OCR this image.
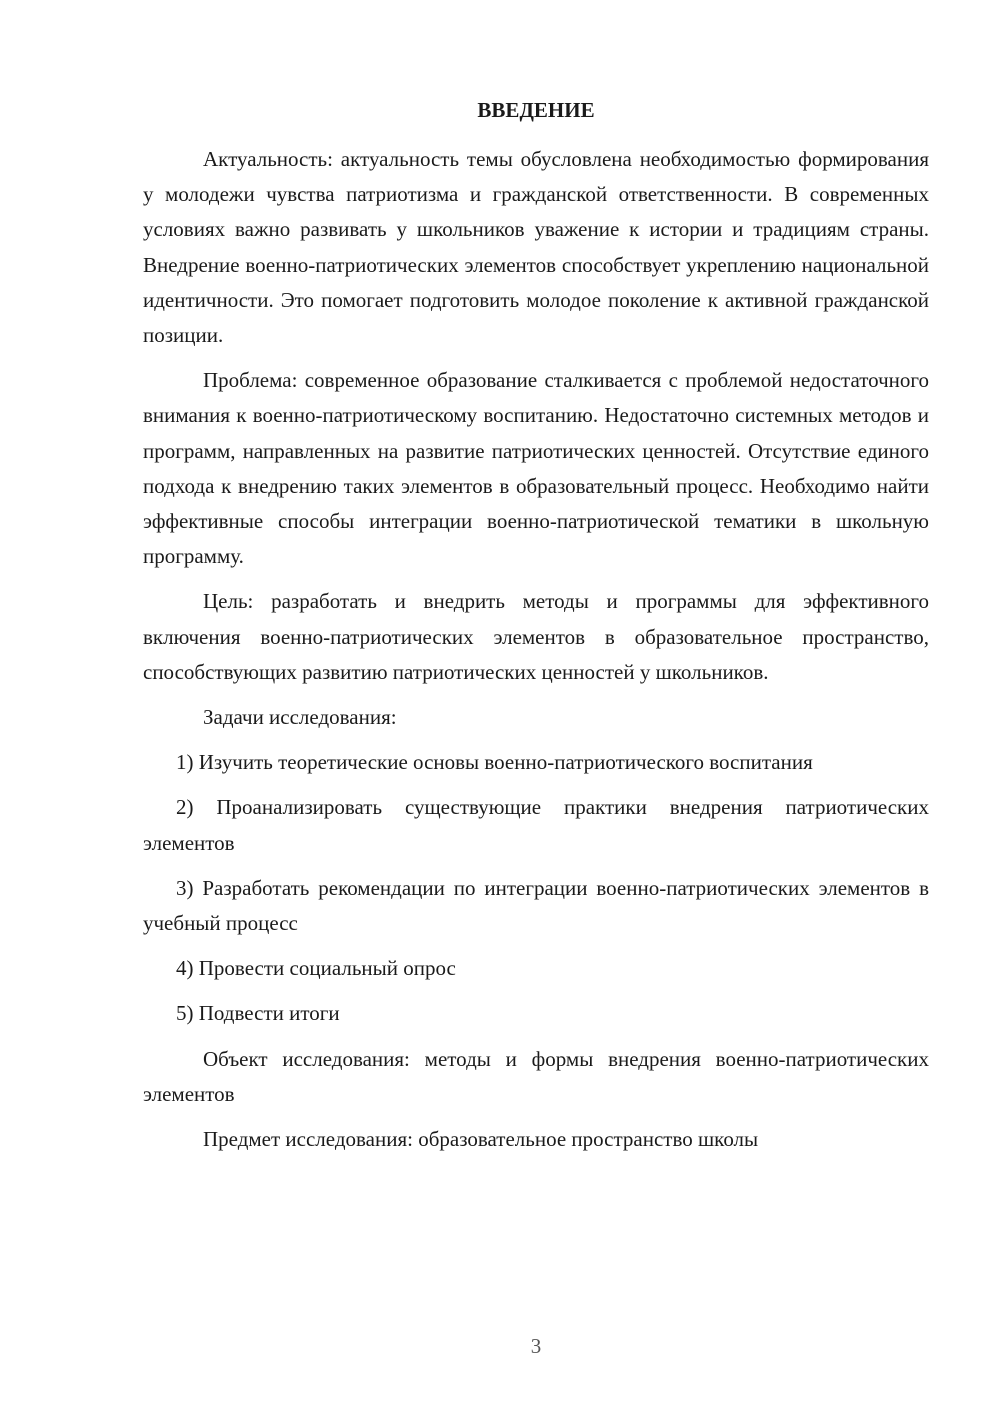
ВВЕДЕНИЕ

Актуальность: актуальность темы обусловлена необходимостью формирования у молодежи чувства патриотизма и гражданской ответственности. В современных условиях важно развивать у школьников уважение к истории и традициям страны. Внедрение военно-патриотических элементов способствует укреплению национальной идентичности. Это помогает подготовить молодое поколение к активной гражданской позиции.

Проблема: современное образование сталкивается с проблемой недостаточного внимания к военно-патриотическому воспитанию. Недостаточно системных методов и программ, направленных на развитие патриотических ценностей. Отсутствие единого подхода к внедрению таких элементов в образовательный процесс. Необходимо найти эффективные способы интеграции военно-патриотической тематики в школьную программу.

Цель: разработать и внедрить методы и программы для эффективного включения военно-патриотических элементов в образовательное пространство, способствующих развитию патриотических ценностей у школьников.

Задачи исследования:

1) Изучить теоретические основы военно-патриотического воспитания

2) Проанализировать существующие практики внедрения патриотических элементов

3) Разработать рекомендации по интеграции военно-патриотических элементов в учебный процесс

4) Провести социальный опрос

5) Подвести итоги

Объект исследования: методы и формы внедрения военно-патриотических элементов

Предмет исследования: образовательное пространство школы

3
